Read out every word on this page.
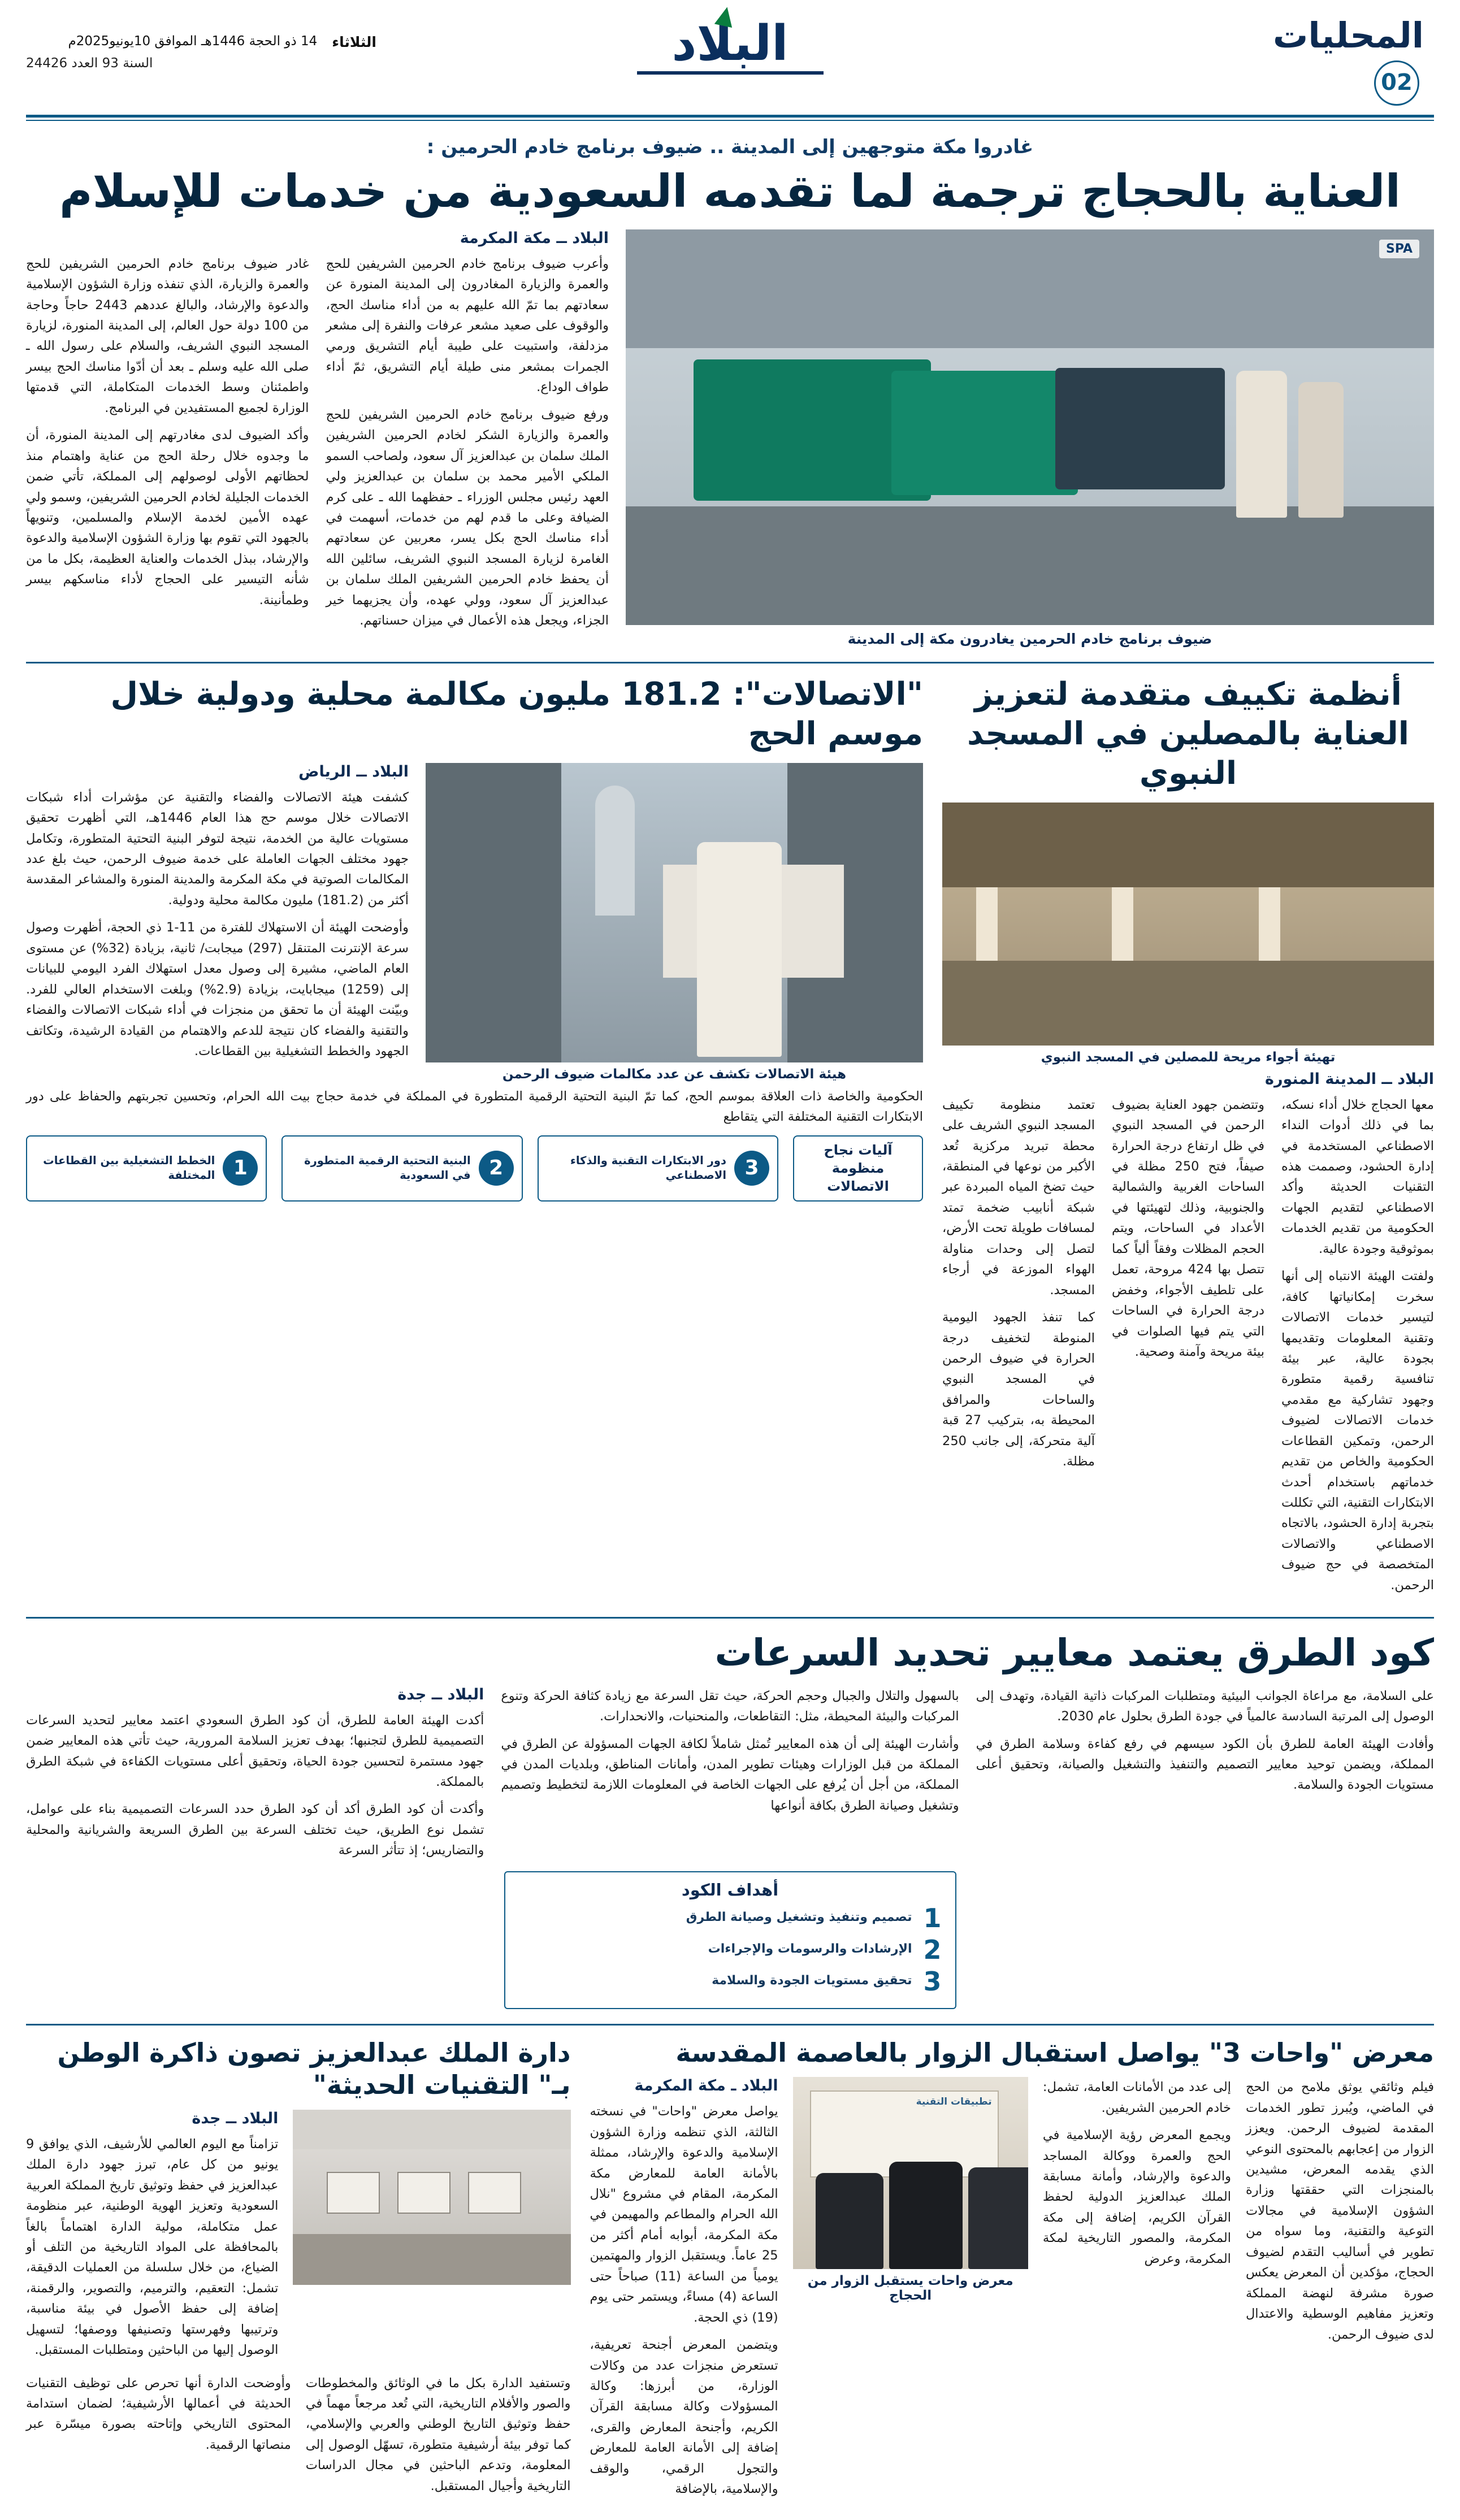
المحليات
02
البلاد
الثلاثاء
14 ذو الحجة 1446هـ الموافق 10يونيو2025م
السنة 93 العدد 24426
غادروا مكة متوجهين إلى المدينة .. ضيوف برنامج خادم الحرمين :
العناية بالحجاج ترجمة لما تقدمه السعودية من خدمات للإسلام
SPA
ضيوف برنامج خادم الحرمين يغادرون مكة إلى المدينة
البلاد ــ مكة المكرمة

وأعرب ضيوف برنامج خادم الحرمين الشريفين للحج والعمرة والزيارة المغادرون إلى المدينة المنورة عن سعادتهم بما تمّ الله عليهم به من أداء مناسك الحج، والوقوف على صعيد مشعر عرفات والنفرة إلى مشعر مزدلفة، واستبيت على طيبة أيام التشريق ورمي الجمرات بمشعر منى طيلة أيام التشريق، ثمّ أداء طواف الوداع.

ورفع ضيوف برنامج خادم الحرمين الشريفين للحج والعمرة والزيارة الشكر لخادم الحرمين الشريفين الملك سلمان بن عبدالعزيز آل سعود، ولصاحب السمو الملكي الأمير محمد بن سلمان بن عبدالعزيز ولي العهد رئيس مجلس الوزراء ـ حفظهما الله ـ على كرم الضيافة وعلى ما قدم لهم من خدمات، أسهمت في أداء مناسك الحج بكل يسر، معربين عن سعادتهم الغامرة لزيارة المسجد النبوي الشريف، سائلين الله أن يحفظ خادم الحرمين الشريفين الملك سلمان بن عبدالعزيز آل سعود، وولي عهده، وأن يجزيهما خير الجزاء، ويجعل هذه الأعمال في ميزان حسناتهم.

غادر ضيوف برنامج خادم الحرمين الشريفين للحج والعمرة والزيارة، الذي تنفذه وزارة الشؤون الإسلامية والدعوة والإرشاد، والبالغ عددهم 2443 حاجاً وحاجة من 100 دولة حول العالم، إلى المدينة المنورة، لزيارة المسجد النبوي الشريف، والسلام على رسول الله ـ صلى الله عليه وسلم ـ بعد أن أدّوا مناسك الحج بيسر واطمئنان وسط الخدمات المتكاملة، التي قدمتها الوزارة لجميع المستفيدين في البرنامج.

وأكد الضيوف لدى مغادرتهم إلى المدينة المنورة، أن ما وجدوه خلال رحلة الحج من عناية واهتمام منذ لحظاتهم الأولى لوصولهم إلى المملكة، تأتي ضمن الخدمات الجليلة لخادم الحرمين الشريفين، وسمو ولي عهده الأمين لخدمة الإسلام والمسلمين، وتنويهاً بالجهود التي تقوم بها وزارة الشؤون الإسلامية والدعوة والإرشاد، ببذل الخدمات والعناية العظيمة، بكل ما من شأنه التيسير على الحجاج لأداء مناسكهم بيسر وطمأنينة.

أنظمة تكييف متقدمة لتعزيز العناية بالمصلين في المسجد النبوي
تهيئة أجواء مريحة للمصلين في المسجد النبوي
البلاد ــ المدينة المنورة

معها الحجاج خلال أداء نسكه، بما في ذلك أدوات النداء الاصطناعي المستخدمة في إدارة الحشود، وصممت هذه التقنيات الحديثة وأكد الاصطناعي لتقديم الجهات الحكومية من تقديم الخدمات بموثوقية وجودة عالية.

ولفتت الهيئة الانتباه إلى أنها سخرت إمكانياتها كافة، لتيسير خدمات الاتصالات وتقنية المعلومات وتقديمها بجودة عالية، عبر بيئة تنافسية رقمية متطورة وجهود تشاركية مع مقدمي خدمات الاتصالات لضيوف الرحمن، وتمكين القطاعات الحكومية والخاص من تقديم خدماتهم باستخدام أحدث الابتكارات التقنية، التي تكللت بتجربة إدارة الحشود، بالاتجاه الاصطناعي والاتصالات المتخصصة في حج ضيوف الرحمن.

وتتضمن جهود العناية بضيوف الرحمن في المسجد النبوي في ظل ارتفاع درجة الحرارة صيفاً، فتح 250 مظلة في الساحات الغربية والشمالية والجنوبية، وذلك لتهيئتها في الأعداد في الساحات، ويتم الحجم المظلات وفقاً ألياً كما تتصل بها 424 مروحة، تعمل على تلطيف الأجواء، وخفض درجة الحرارة في الساحات التي يتم فيها الصلوات في بيئة مريحة وآمنة وصحية.

تعتمد منظومة تكييف المسجد النبوي الشريف على محطة تبريد مركزية تُعد الأكبر من نوعها في المنطقة، حيث تضخ المياه المبردة عبر شبكة أنابيب ضخمة تمتد لمسافات طويلة تحت الأرض، لتصل إلى وحدات مناولة الهواء الموزعة في أرجاء المسجد.

كما تنفذ الجهود اليومية المنوطة لتخفيف درجة الحرارة في ضيوف الرحمن في المسجد النبوي والساحات والمرافق المحيطة به، بتركيب 27 قبة آلية متحركة، إلى جانب 250 مظلة.

"الاتصالات": 181.2 مليون مكالمة محلية ودولية خلال موسم الحج
هيئة الاتصالات تكشف عن عدد مكالمات ضيوف الرحمن
البلاد ــ الرياض

كشفت هيئة الاتصالات والفضاء والتقنية عن مؤشرات أداء شبكات الاتصالات خلال موسم حج هذا العام 1446هـ، التي أظهرت تحقيق مستويات عالية من الخدمة، نتيجة لتوفر البنية التحتية المتطورة، وتكامل جهود مختلف الجهات العاملة على خدمة ضيوف الرحمن، حيث بلغ عدد المكالمات الصوتية في مكة المكرمة والمدينة المنورة والمشاعر المقدسة أكثر من (181.2) مليون مكالمة محلية ودولية.

وأوضحت الهيئة أن الاستهلاك للفترة من 11-1 ذي الحجة، أظهرت وصول سرعة الإنترنت المتنقل (297) ميجابت/ ثانية، بزيادة (32%) عن مستوى العام الماضي، مشيرة إلى وصول معدل استهلاك الفرد اليومي للبيانات إلى (1259) ميجابايت، بزيادة (2.9%) وبلغت الاستخدام العالي للفرد. وبيّنت الهيئة أن ما تحقق من منجزات في أداء شبكات الاتصالات والفضاء والتقنية والفضاء كان نتيجة للدعم والاهتمام من القيادة الرشيدة، وتكاتف الجهود والخطط التشغيلية بين القطاعات.

الحكومية والخاصة ذات العلاقة بموسم الحج، كما تمّ البنية التحتية الرقمية المتطورة في المملكة في خدمة حجاج بيت الله الحرام، وتحسين تجربتهم والحفاظ على دور الابتكارات التقنية المختلفة التي يتقاطع

آليات نجاح منظومة الاتصالات
3
دور الابتكارات التقنية والذكاء الاصطناعي
2
البنية التحتية الرقمية المتطورة في السعودية
1
الخطط التشغيلية بين القطاعات المختلفة
كود الطرق يعتمد معايير تحديد السرعات

على السلامة، مع مراعاة الجوانب البيئية ومتطلبات المركبات ذاتية القيادة، وتهدف إلى الوصول إلى المرتبة السادسة عالمياً في جودة الطرق بحلول عام 2030.

وأفادت الهيئة العامة للطرق بأن الكود سيسهم في رفع كفاءة وسلامة الطرق في المملكة، ويضمن توحيد معايير التصميم والتنفيذ والتشغيل والصيانة، وتحقيق أعلى مستويات الجودة والسلامة.

بالسهول والتلال والجبال وحجم الحركة، حيث تقل السرعة مع زيادة كثافة الحركة وتنوع المركبات والبيئة المحيطة، مثل: التقاطعات، والمنحنيات، والانحدارات.

وأشارت الهيئة إلى أن هذه المعايير تُمثل شاملاً لكافة الجهات المسؤولة عن الطرق في المملكة من قبل الوزارات وهيئات تطوير المدن، وأمانات المناطق، وبلديات المدن في المملكة، من أجل أن يُرفع على الجهات الخاصة في المعلومات اللازمة لتخطيط وتصميم وتشغيل وصيانة الطرق بكافة أنواعها

البلاد ــ جدة

أكدت الهيئة العامة للطرق، أن كود الطرق السعودي اعتمد معايير لتحديد السرعات التصميمية للطرق لتجنبها؛ بهدف تعزيز السلامة المرورية، حيث تأتي هذه المعايير ضمن جهود مستمرة لتحسين جودة الحياة، وتحقيق أعلى مستويات الكفاءة في شبكة الطرق بالمملكة.

وأكدت أن كود الطرق أكد أن كود الطرق حدد السرعات التصميمية بناء على عوامل، تشمل نوع الطريق، حيث تختلف السرعة بين الطرق السريعة والشريانية والمحلية والتضاريس؛ إذ تتأثر السرعة

أهداف الكود
1
تصميم وتنفيذ وتشغيل وصيانة الطرق
2
الإرشادات والرسومات والإجراءات
3
تحقيق مستويات الجودة والسلامة
معرض "واحات 3" يواصل استقبال الزوار بالعاصمة المقدسة

فيلم وثائقي يوثق ملامح من الحج في الماضي، ويُبرز تطور الخدمات المقدمة لضيوف الرحمن. ويعزز الزوار من إعجابهم بالمحتوى النوعي الذي يقدمه المعرض، مشيدين بالمنجزات التي حققتها وزارة الشؤون الإسلامية في مجالات التوعية والتقنية، وما سواه من تطوير في أساليب التقدم لضيوف الحجاج، مؤكدين أن المعرض يعكس صورة مشرفة لنهضة المملكة وتعزيز مفاهيم الوسطية والاعتدال لدى ضيوف الرحمن.

إلى عدد من الأمانات العامة، تشمل: خادم الحرمين الشريفين.

ويجمع المعرض رؤية الإسلامية في الحج والعمرة ووكالة المساجد والدعوة والإرشاد، وأمانة مسابقة الملك عبدالعزيز الدولية لحفظ القرآن الكريم، إضافة إلى مكة المكرمة، والمصور التاريخية لمكة المكرمة، وعرض

تطبيقات التقنية
معرض واحات يستقبل الزوار من الحجاج
البلاد ـ مكة المكرمة

يواصل معرض "واحات" في نسخته الثالثة، الذي تنظمه وزارة الشؤون الإسلامية والدعوة والإرشاد، ممثلة بالأمانة العامة للمعارض مكة المكرمة، المقام في مشروع "نلال الله الحرام والمطاعم والمهيمن في مكة المكرمة، أبوابه أمام أكثر من 25 عاماً. ويستقبل الزوار والمهتمين يومياً من الساعة (11) صباحاً حتى الساعة (4) مساءً، ويستمر حتى يوم (19) ذي الحجة.

ويتضمن المعرض أجنحة تعريفية، تستعرض منجزات عدد من وكالات الوزارة، من أبرزها: وكالة المسؤولات وكالة مسابقة القرآن الكريم، وأجنحة المعارض والقرى، إضافة إلى الأمانة العامة للمعارض والتجول الرقمي، والوقف والإسلامية، بالإضافة

دارة الملك عبدالعزيز تصون ذاكرة الوطن بـ" التقنيات الحديثة"
البلاد ــ جدة

تزامناً مع اليوم العالمي للأرشيف، الذي يوافق 9 يونيو من كل عام، تبرز جهود دارة الملك عبدالعزيز في حفظ وتوثيق تاريخ المملكة العربية السعودية وتعزيز الهوية الوطنية، عبر منظومة عمل متكاملة، مولية الدارة اهتماماً بالغاً بالمحافظة على المواد التاريخية من التلف أو الضياع، من خلال سلسلة من العمليات الدقيقة، تشمل: التعقيم، والترميم، والتصوير، والرقمنة، إضافة إلى حفظ الأصول في بيئة مناسبة، وترتيبها وفهرستها وتصنيفها ووصفها؛ لتسهيل الوصول إليها من الباحثين ومتطلبات المستقبل.

وتستفيد الدارة بكل ما في الوثائق والمخطوطات والصور والأفلام التاريخية، التي تُعد مرجعاً مهماً في حفظ وتوثيق التاريخ الوطني والعربي والإسلامي، كما توفر بيئة أرشيفية متطورة، تسهّل الوصول إلى المعلومة، وتدعم الباحثين في مجال الدراسات التاريخية وأجيال المستقبل.

وأوضحت الدارة أنها تحرص على توظيف التقنيات الحديثة في أعمالها الأرشيفية؛ لضمان استدامة المحتوى التاريخي وإتاحته بصورة ميسّرة عبر منصاتها الرقمية.
